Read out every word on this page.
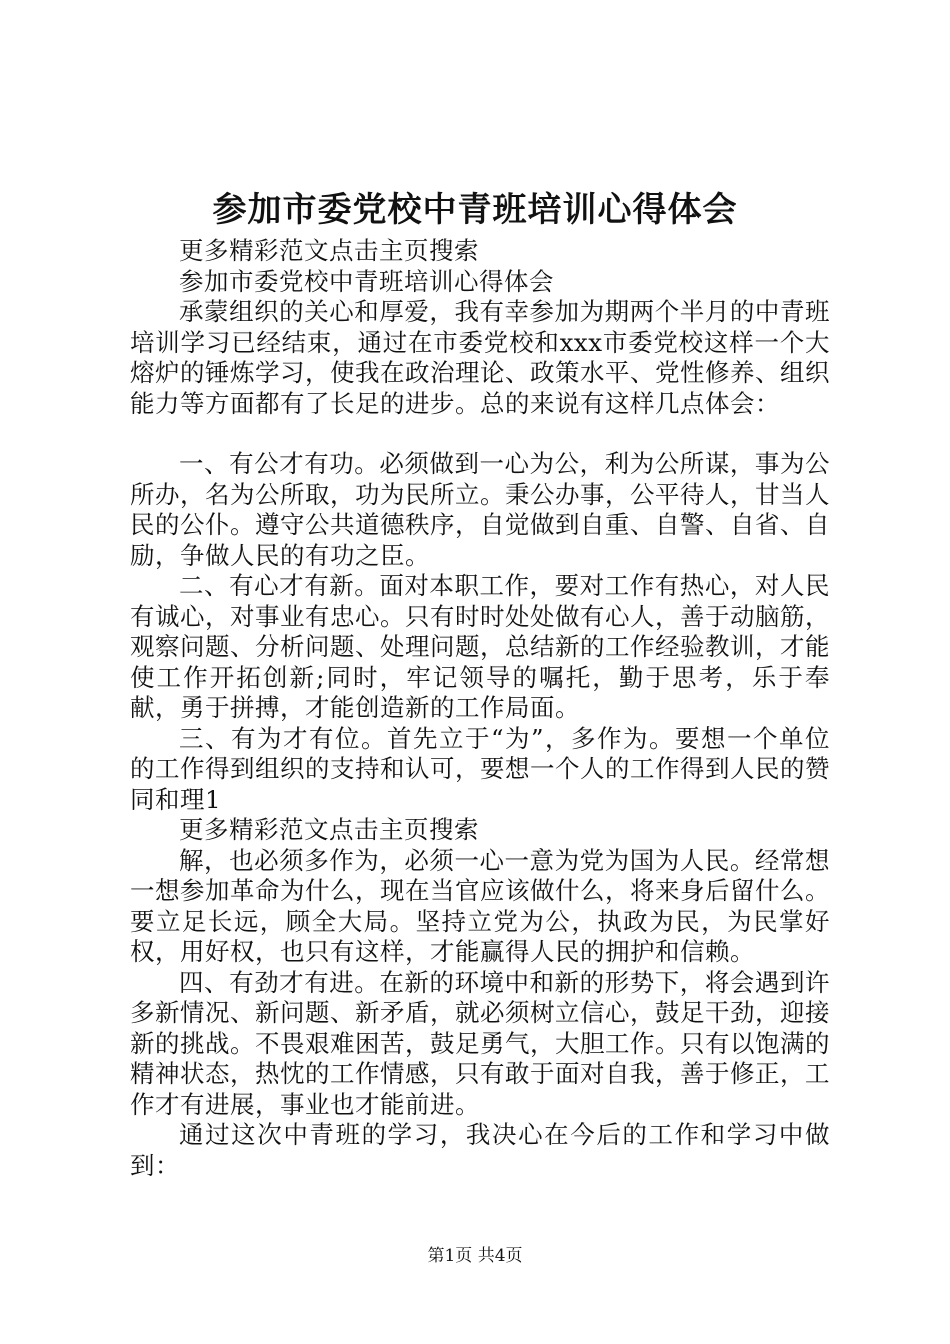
参加市委党校中青班培训心得体会

更多精彩范文点击主页搜索

参加市委党校中青班培训心得体会

承蒙组织的关心和厚爱，我有幸参加为期两个半月的中青班培训学习已经结束，通过在市委党校和xxx市委党校这样一个大熔炉的锤炼学习，使我在政治理论、政策水平、党性修养、组织能力等方面都有了长足的进步。总的来说有这样几点体会：

一、有公才有功。必须做到一心为公，利为公所谋，事为公所办，名为公所取，功为民所立。秉公办事，公平待人，甘当人民的公仆。遵守公共道德秩序，自觉做到自重、自警、自省、自励，争做人民的有功之臣。

二、有心才有新。面对本职工作，要对工作有热心，对人民有诚心，对事业有忠心。只有时时处处做有心人，善于动脑筋，观察问题、分析问题、处理问题，总结新的工作经验教训，才能使工作开拓创新;同时，牢记领导的嘱托，勤于思考，乐于奉献，勇于拼搏，才能创造新的工作局面。

三、有为才有位。首先立于“为”，多作为。要想一个单位的工作得到组织的支持和认可，要想一个人的工作得到人民的赞同和理1

更多精彩范文点击主页搜索

解，也必须多作为，必须一心一意为党为国为人民。经常想一想参加革命为什么，现在当官应该做什么，将来身后留什么。要立足长远，顾全大局。坚持立党为公，执政为民，为民掌好权，用好权，也只有这样，才能赢得人民的拥护和信赖。

四、有劲才有进。在新的环境中和新的形势下，将会遇到许多新情况、新问题、新矛盾，就必须树立信心，鼓足干劲，迎接新的挑战。不畏艰难困苦，鼓足勇气，大胆工作。只有以饱满的精神状态，热忱的工作情感，只有敢于面对自我，善于修正，工作才有进展，事业也才能前进。

通过这次中青班的学习，我决心在今后的工作和学习中做到：

第1页 共4页
